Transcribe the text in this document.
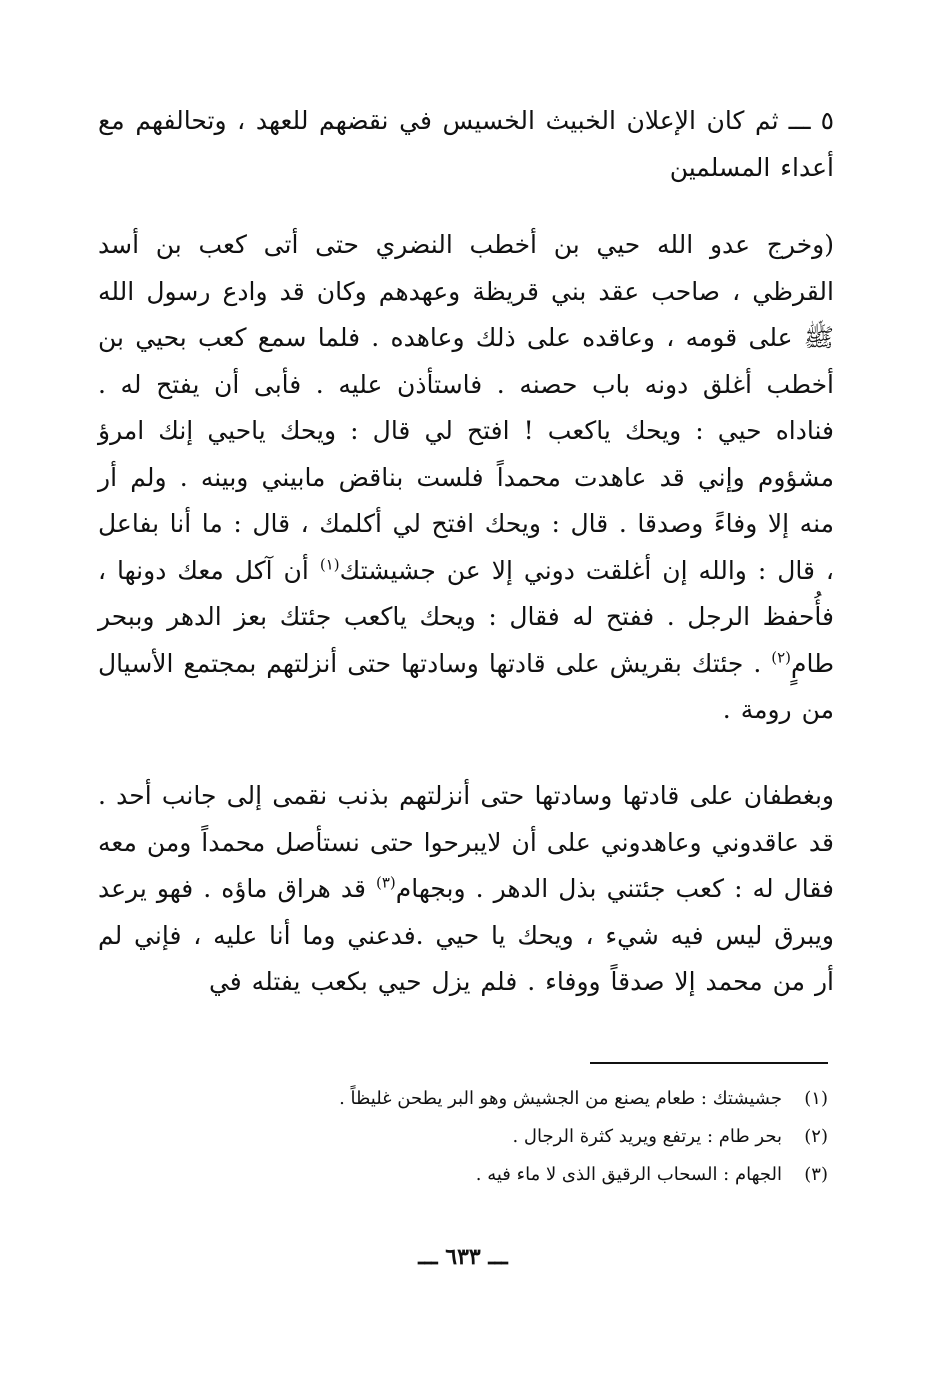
٥ ـــثم كان الإعلان الخبيث الخسيس في نقضهم للعهد ، وتحالفهم مع أعداء المسلمين

(وخرج عدو الله حيي بن أخطب النضري حتى أتى كعب بن أسد القرظي ، صاحب عقد بني قريظة وعهدهم وكان قد وادع رسول الله ﷺ على قومه ، وعاقده على ذلك وعاهده . فلما سمع كعب بحيي بن أخطب أغلق دونه باب حصنه . فاستأذن عليه . فأبى أن يفتح له . فناداه حيي : ويحك ياكعب ! افتح لي قال : ويحك ياحيي إنك امرؤ مشؤوم وإني قد عاهدت محمداً فلست بناقض مابيني وبينه . ولم أر منه إلا وفاءً وصدقا . قال : ويحك افتح لي أكلمك ، قال : ما أنا بفاعل ، قال : والله إن أغلقت دوني إلا عن جشيشتك$^{(١)}$ أن آكل معك دونها ، فأُحفظ الرجل . ففتح له فقال : ويحك ياكعب جئتك بعز الدهر وببحر طامٍ$^{(٢)}$ . جئتك بقريش على قادتها وسادتها حتى أنزلتهم بمجتمع الأسيال من رومة .

وبغطفان على قادتها وسادتها حتى أنزلتهم بذنب نقمى إلى جانب أحد . قد عاقدوني وعاهدوني على أن لايبرحوا حتى نستأصل محمداً ومن معه فقال له : كعب جئتني بذل الدهر . وبجهام$^{(٣)}$ قد هراق ماؤه . فهو يرعد ويبرق ليس فيه شيء ، ويحك يا حيي .فدعني وما أنا عليه ، فإني لم أر من محمد إلا صدقاً ووفاء . فلم يزل حيي بكعب يفتله في

(١)جشيشتك : طعام يصنع من الجشيش وهو البر يطحن غليظاً .
(٢)بحر طام : يرتفع ويريد كثرة الرجال .
(٣)الجهام : السحاب الرقيق الذى لا ماء فيه .
ـــ ٦٣٣ ـــ
